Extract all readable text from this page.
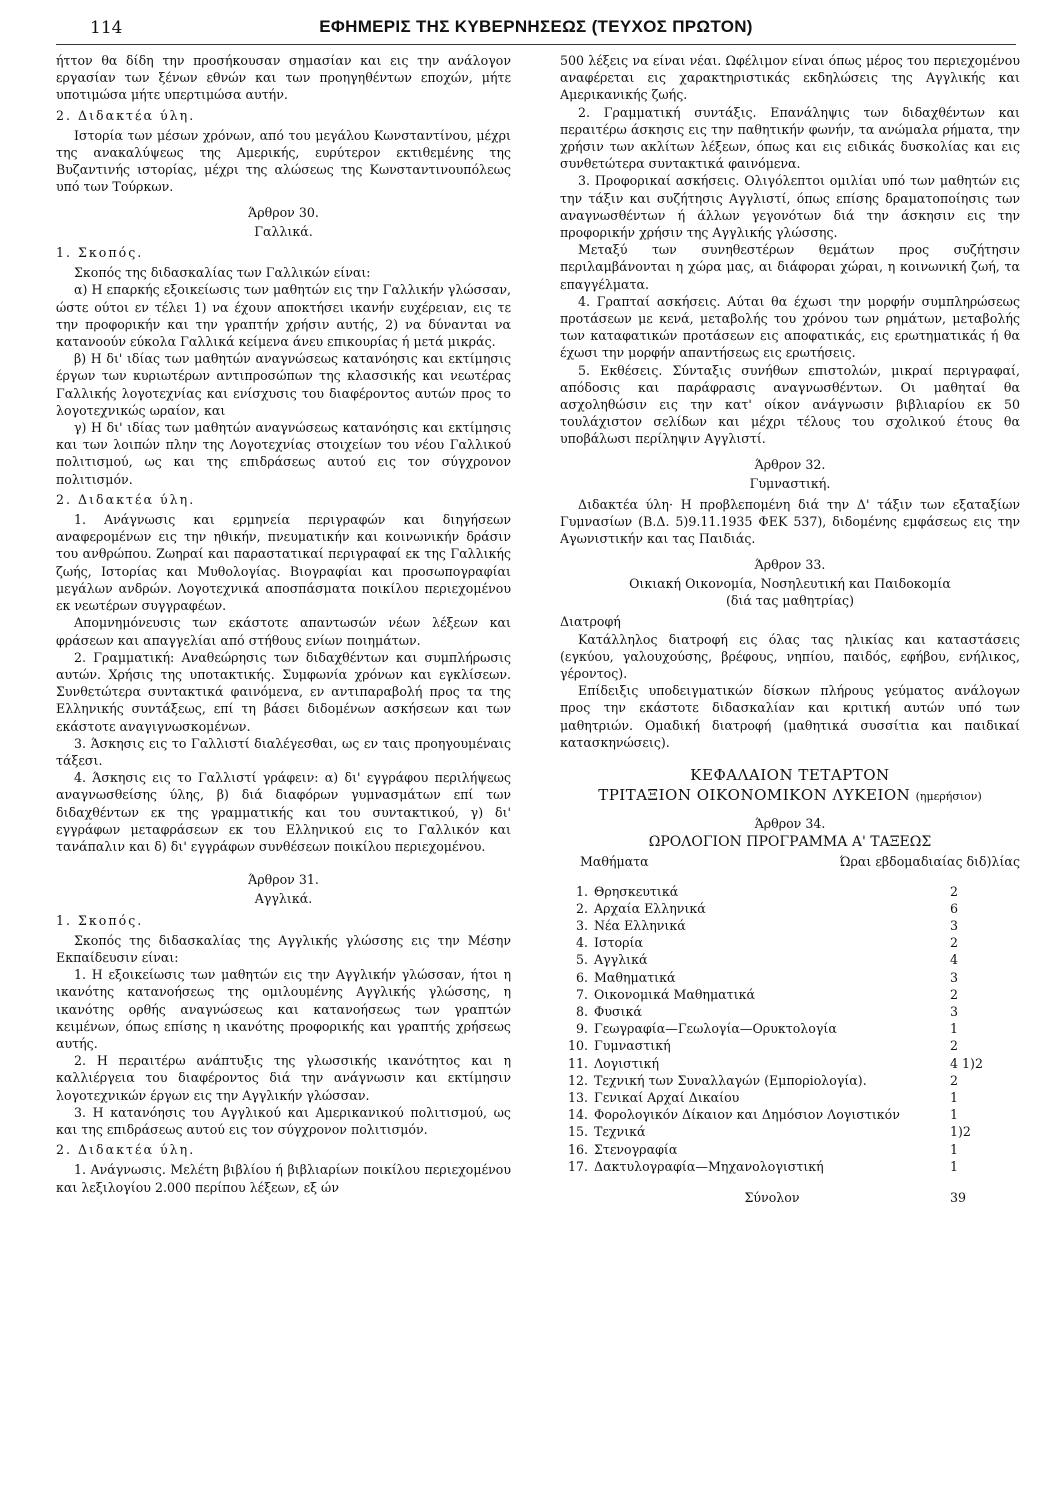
114	ΕΦΗΜΕΡΙΣ ΤΗΣ ΚΥΒΕΡΝΗΣΕΩΣ (ΤΕΥΧΟΣ ΠΡΩΤΟΝ)

ήττον θα δίδη την προσήκουσαν σημασίαν και εις την ανάλογον εργασίαν των ξένων εθνών και των προηγηθέντων εποχών, μήτε υποτιμώσα μήτε υπερτιμώσα αυτήν.

2. Διδακτέα ύλη.

Ιστορία των μέσων χρόνων, από του μεγάλου Κωνσταντίνου, μέχρι της ανακαλύψεως της Αμερικής, ευρύτερον εκτιθεμένης της Βυζαντινής ιστορίας, μέχρι της αλώσεως της Κωνσταντινουπόλεως υπό των Τούρκων.

Άρθρον 30.

Γαλλικά.

1. Σκοπός.

Σκοπός της διδασκαλίας των Γαλλικών είναι:

α) Η επαρκής εξοικείωσις των μαθητών εις την Γαλλικήν γλώσσαν, ώστε ούτοι εν τέλει 1) να έχουν αποκτήσει ικανήν ευχέρειαν, εις τε την προφορικήν και την γραπτήν χρήσιν αυτής, 2) να δύνανται να κατανοούν εύκολα Γαλλικά κείμενα άνευ επικουρίας ή μετά μικράς.

β) Η δι' ιδίας των μαθητών αναγνώσεως κατανόησις και εκτίμησις έργων των κυριωτέρων αντιπροσώπων της κλασσικής και νεωτέρας Γαλλικής λογοτεχνίας και ενίσχυσις του διαφέροντος αυτών προς το λογοτεχνικώς ωραίον, και

γ) Η δι' ιδίας των μαθητών αναγνώσεως κατανόησις και εκτίμησις και των λοιπών πλην της Λογοτεχνίας στοιχείων του νέου Γαλλικού πολιτισμού, ως και της επιδράσεως αυτού εις τον σύγχρονον πολιτισμόν.

2. Διδακτέα ύλη.

1. Ανάγνωσις και ερμηνεία περιγραφών και διηγήσεων αναφερομένων εις την ηθικήν, πνευματικήν και κοινωνικήν δράσιν του ανθρώπου. Ζωηραί και παραστατικαί περιγραφαί εκ της Γαλλικής ζωής, Ιστορίας και Μυθολογίας. Βιογραφίαι και προσωπογραφίαι μεγάλων ανδρών. Λογοτεχνικά αποσπάσματα ποικίλου περιεχομένου εκ νεωτέρων συγγραφέων.

Απομνημόνευσις των εκάστοτε απαντωσών νέων λέξεων και φράσεων και απαγγελίαι από στήθους ενίων ποιημάτων.

2. Γραμματική: Αναθεώρησις των διδαχθέντων και συμπλήρωσις αυτών. Χρήσις της υποτακτικής. Συμφωνία χρόνων και εγκλίσεων. Συνθετώτερα συντακτικά φαινόμενα, εν αντιπαραβολή προς τα της Ελληνικής συντάξεως, επί τη βάσει διδομένων ασκήσεων και των εκάστοτε αναγιγνωσκομένων.

3. Άσκησις εις το Γαλλιστί διαλέγεσθαι, ως εν ταις προηγουμέναις τάξεσι.

4. Άσκησις εις το Γαλλιστί γράφειν: α) δι' εγγράφου περιλήψεως αναγνωσθείσης ύλης, β) διά διαφόρων γυμνασμάτων επί των διδαχθέντων εκ της γραμματικής και του συντακτικού, γ) δι' εγγράφων μεταφράσεων εκ του Ελληνικού εις το Γαλλικόν και τανάπαλιν και δ) δι' εγγράφων συνθέσεων ποικίλου περιεχομένου.

Άρθρον 31.

Αγγλικά.

1. Σκοπός.

Σκοπός της διδασκαλίας της Αγγλικής γλώσσης εις την Μέσην Εκπαίδευσιν είναι:

1. Η εξοικείωσις των μαθητών εις την Αγγλικήν γλώσσαν, ήτοι η ικανότης κατανοήσεως της ομιλουμένης Αγγλικής γλώσσης, η ικανότης ορθής αναγνώσεως και κατανοήσεως των γραπτών κειμένων, όπως επίσης η ικανότης προφορικής και γραπτής χρήσεως αυτής.

2. Η περαιτέρω ανάπτυξις της γλωσσικής ικανότητος και η καλλιέργεια του διαφέροντος διά την ανάγνωσιν και εκτίμησιν λογοτεχνικών έργων εις την Αγγλικήν γλώσσαν.

3. Η κατανόησις του Αγγλικού και Αμερικανικού πολιτισμού, ως και της επιδράσεως αυτού εις τον σύγχρονον πολιτισμόν.

2. Διδακτέα ύλη.

1. Ανάγνωσις. Μελέτη βιβλίου ή βιβλιαρίων ποικίλου περιεχομένου και λεξιλογίου 2.000 περίπου λέξεων, εξ ών

500 λέξεις να είναι νέαι. Ωφέλιμον είναι όπως μέρος του περιεχομένου αναφέρεται εις χαρακτηριστικάς εκδηλώσεις της Αγγλικής και Αμερικανικής ζωής.

2. Γραμματική συντάξις. Επανάληψις των διδαχθέντων και περαιτέρω άσκησις εις την παθητικήν φωνήν, τα ανώμαλα ρήματα, την χρήσιν των ακλίτων λέξεων, όπως και εις ειδικάς δυσκολίας και εις συνθετώτερα συντακτικά φαινόμενα.

3. Προφορικαί ασκήσεις. Ολιγόλεπτοι ομιλίαι υπό των μαθητών εις την τάξιν και συζήτησις Αγγλιστί, όπως επίσης δραματοποίησις των αναγνωσθέντων ή άλλων γεγονότων διά την άσκησιν εις την προφορικήν χρήσιν της Αγγλικής γλώσσης.

Μεταξύ των συνηθεστέρων θεμάτων προς συζήτησιν περιλαμβάνονται η χώρα μας, αι διάφοραι χώραι, η κοινωνική ζωή, τα επαγγέλματα.

4. Γραπταί ασκήσεις. Αύται θα έχωσι την μορφήν συμπληρώσεως προτάσεων με κενά, μεταβολής του χρόνου των ρημάτων, μεταβολής των καταφατικών προτάσεων εις αποφατικάς, εις ερωτηματικάς ή θα έχωσι την μορφήν απαντήσεως εις ερωτήσεις.

5. Εκθέσεις. Σύνταξις συνήθων επιστολών, μικραί περιγραφαί, απόδοσις και παράφρασις αναγνωσθέντων. Οι μαθηταί θα ασχοληθώσιν εις την κατ' οίκον ανάγνωσιν βιβλιαρίου εκ 50 τουλάχιστον σελίδων και μέχρι τέλους του σχολικού έτους θα υποβάλωσι περίληψιν Αγγλιστί.

Άρθρον 32.

Γυμναστική.

Διδακτέα ύλη· Η προβλεπομένη διά την Δ' τάξιν των εξαταξίων Γυμνασίων (Β.Δ. 5)9.11.1935 ΦΕΚ 537), διδομένης εμφάσεως εις την Αγωνιστικήν και τας Παιδιάς.

Άρθρον 33.

Οικιακή Οικονομία, Νοσηλευτική και Παιδοκομία

(διά τας μαθητρίας)

Διατροφή

Κατάλληλος διατροφή εις όλας τας ηλικίας και καταστάσεις (εγκύου, γαλουχούσης, βρέφους, νηπίου, παιδός, εφήβου, ενήλικος, γέροντος).

Επίδειξις υποδειγματικών δίσκων πλήρους γεύματος ανάλογων προς την εκάστοτε διδασκαλίαν και κριτική αυτών υπό των μαθητριών. Ομαδική διατροφή (μαθητικά συσσίτια και παιδικαί κατασκηνώσεις).

ΚΕΦΑΛΑΙΟΝ ΤΕΤΑΡΤΟΝ

ΤΡΙΤΑΞΙΟΝ ΟΙΚΟΝΟΜΙΚΟΝ ΛΥΚΕΙΟΝ (ημερήσιον)

Άρθρον 34.

ΩΡΟΛΟΓΙΟΝ ΠΡΟΓΡΑΜΜΑ Α' ΤΑΞΕΩΣ

Μαθήματα	Ώραι εβδομαδιαίας διδ)λίας
1.	Θρησκευτικά	2
2.	Αρχαία Ελληνικά	6
3.	Νέα Ελληνικά	3
4.	Ιστορία	2
5.	Αγγλικά	4
6.	Μαθηματικά	3
7.	Οικονομικά Μαθηματικά	2
8.	Φυσικά	3
9.	Γεωγραφία—Γεωλογία—Ορυκτολογία	1
10.	Γυμναστική	2
11.	Λογιστική	4 1)2
12.	Τεχνική των Συναλλαγών (Εμπορiολογία).	2
13.	Γενικαί Αρχαί Δικαίου	1
14.	Φορολογικόν Δίκαιον και Δημόσιον Λογιστικόν	1
15.	Τεχνικά	1)2
16.	Στενογραφία	1
17.	Δακτυλογραφία—Μηχανολογιστική	1
	Σύνολον	39
